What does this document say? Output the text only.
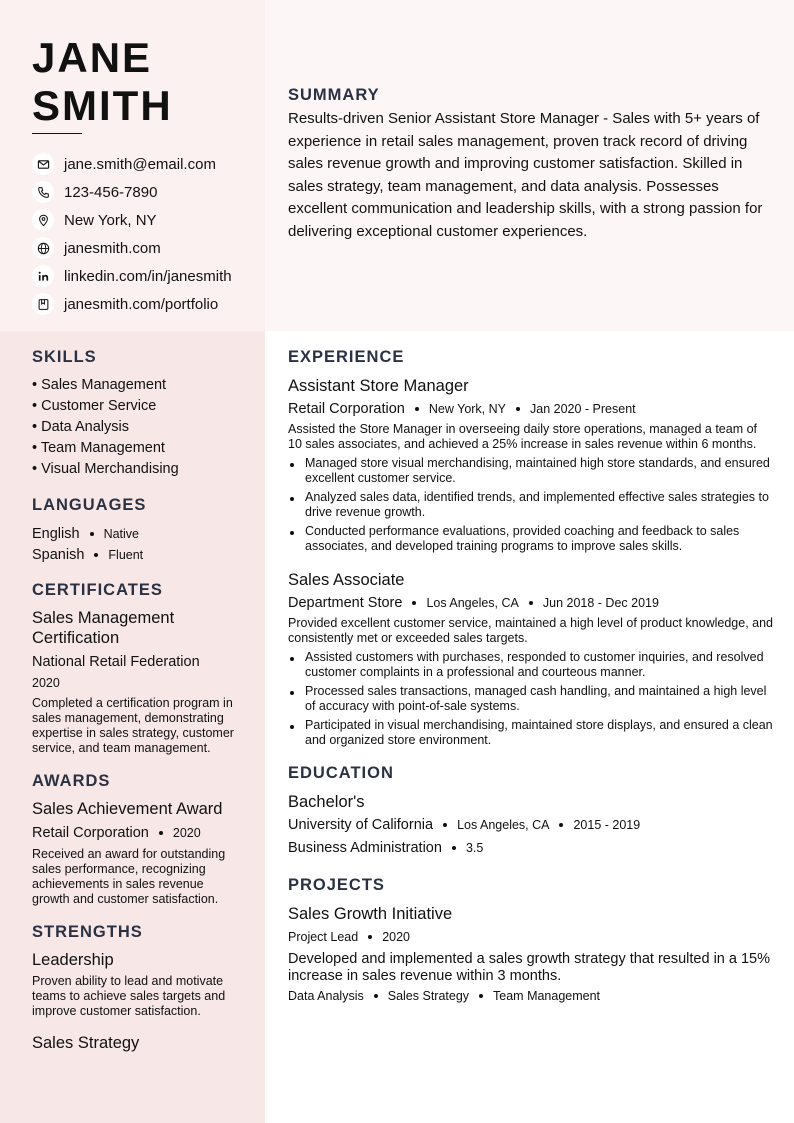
JANE
SMITH
jane.smith@email.com
123-456-7890
New York, NY
janesmith.com
linkedin.com/in/janesmith
janesmith.com/portfolio
SUMMARY
Results-driven Senior Assistant Store Manager - Sales with 5+ years of experience in retail sales management, proven track record of driving sales revenue growth and improving customer satisfaction. Skilled in sales strategy, team management, and data analysis. Possesses excellent communication and leadership skills, with a strong passion for delivering exceptional customer experiences.
SKILLS
• Sales Management
• Customer Service
• Data Analysis
• Team Management
• Visual Merchandising
LANGUAGES
English Native
Spanish Fluent
CERTIFICATES
Sales Management Certification
National Retail Federation
2020
Completed a certification program in sales management, demonstrating expertise in sales strategy, customer service, and team management.
AWARDS
Sales Achievement Award
Retail Corporation 2020
Received an award for outstanding sales performance, recognizing achievements in sales revenue growth and customer satisfaction.
STRENGTHS
Leadership
Proven ability to lead and motivate teams to achieve sales targets and improve customer satisfaction.
Sales Strategy
EXPERIENCE
Assistant Store Manager
Retail Corporation New York, NY Jan 2020 - Present
Assisted the Store Manager in overseeing daily store operations, managed a team of 10 sales associates, and achieved a 25% increase in sales revenue within 6 months.
Managed store visual merchandising, maintained high store standards, and ensured excellent customer service.
Analyzed sales data, identified trends, and implemented effective sales strategies to drive revenue growth.
Conducted performance evaluations, provided coaching and feedback to sales associates, and developed training programs to improve sales skills.
Sales Associate
Department Store Los Angeles, CA Jun 2018 - Dec 2019
Provided excellent customer service, maintained a high level of product knowledge, and consistently met or exceeded sales targets.
Assisted customers with purchases, responded to customer inquiries, and resolved customer complaints in a professional and courteous manner.
Processed sales transactions, managed cash handling, and maintained a high level of accuracy with point-of-sale systems.
Participated in visual merchandising, maintained store displays, and ensured a clean and organized store environment.
EDUCATION
Bachelor's
University of California Los Angeles, CA 2015 - 2019
Business Administration 3.5
PROJECTS
Sales Growth Initiative
Project Lead 2020
Developed and implemented a sales growth strategy that resulted in a 15% increase in sales revenue within 3 months.
Data Analysis Sales Strategy Team Management
